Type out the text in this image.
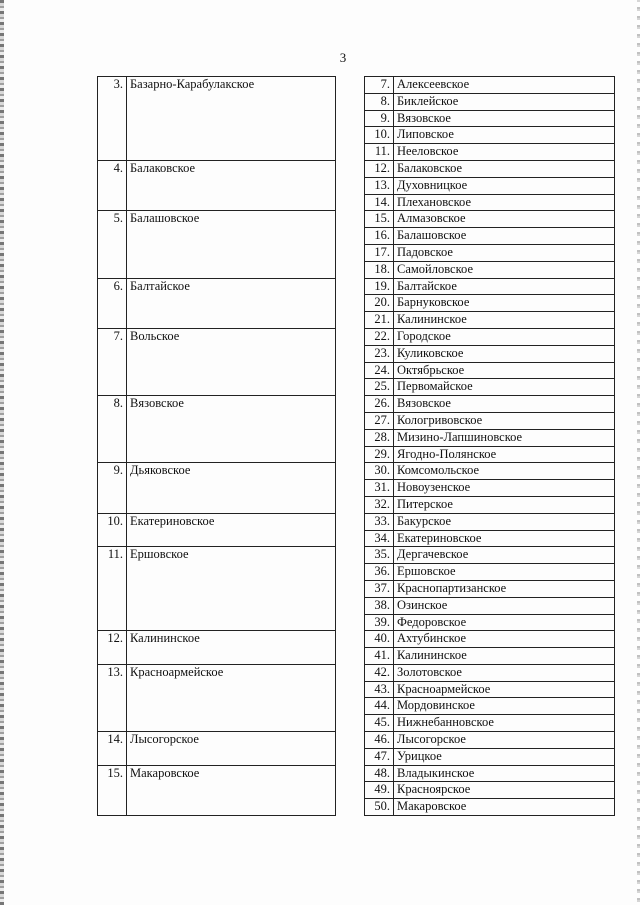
3
3.	Базарно-Карабулакское		7.	Алексеевское
			8.	Биклейское
			9.	Вязовское
			10.	Липовское
			11.	Нееловское
4.	Балаковское		12.	Балаковское
			13.	Духовницкое
			14.	Плехановское
5.	Балашовское		15.	Алмазовское
			16.	Балашовское
			17.	Падовское
			18.	Самойловское
6.	Балтайское		19.	Балтайское
			20.	Барнуковское
			21.	Калининское
7.	Вольское		22.	Городское
			23.	Куликовское
			24.	Октябрьское
			25.	Первомайское
8.	Вязовское		26.	Вязовское
			27.	Кологривовское
			28.	Мизино-Лапшиновское
			29.	Ягодно-Полянское
9.	Дьяковское		30.	Комсомольское
			31.	Новоузенское
			32.	Питерское
10.	Екатериновское		33.	Бакурское
			34.	Екатериновское
11.	Ершовское		35.	Дергачевское
			36.	Ершовское
			37.	Краснопартизанское
			38.	Озинское
			39.	Федоровское
12.	Калининское		40.	Ахтубинское
			41.	Калининское
13.	Красноармейское		42.	Золотовское
			43.	Красноармейское
			44.	Мордовинское
			45.	Нижнебанновское
14.	Лысогорское		46.	Лысогорское
			47.	Урицкое
15.	Макаровское		48.	Владыкинское
			49.	Красноярское
			50.	Макаровское
